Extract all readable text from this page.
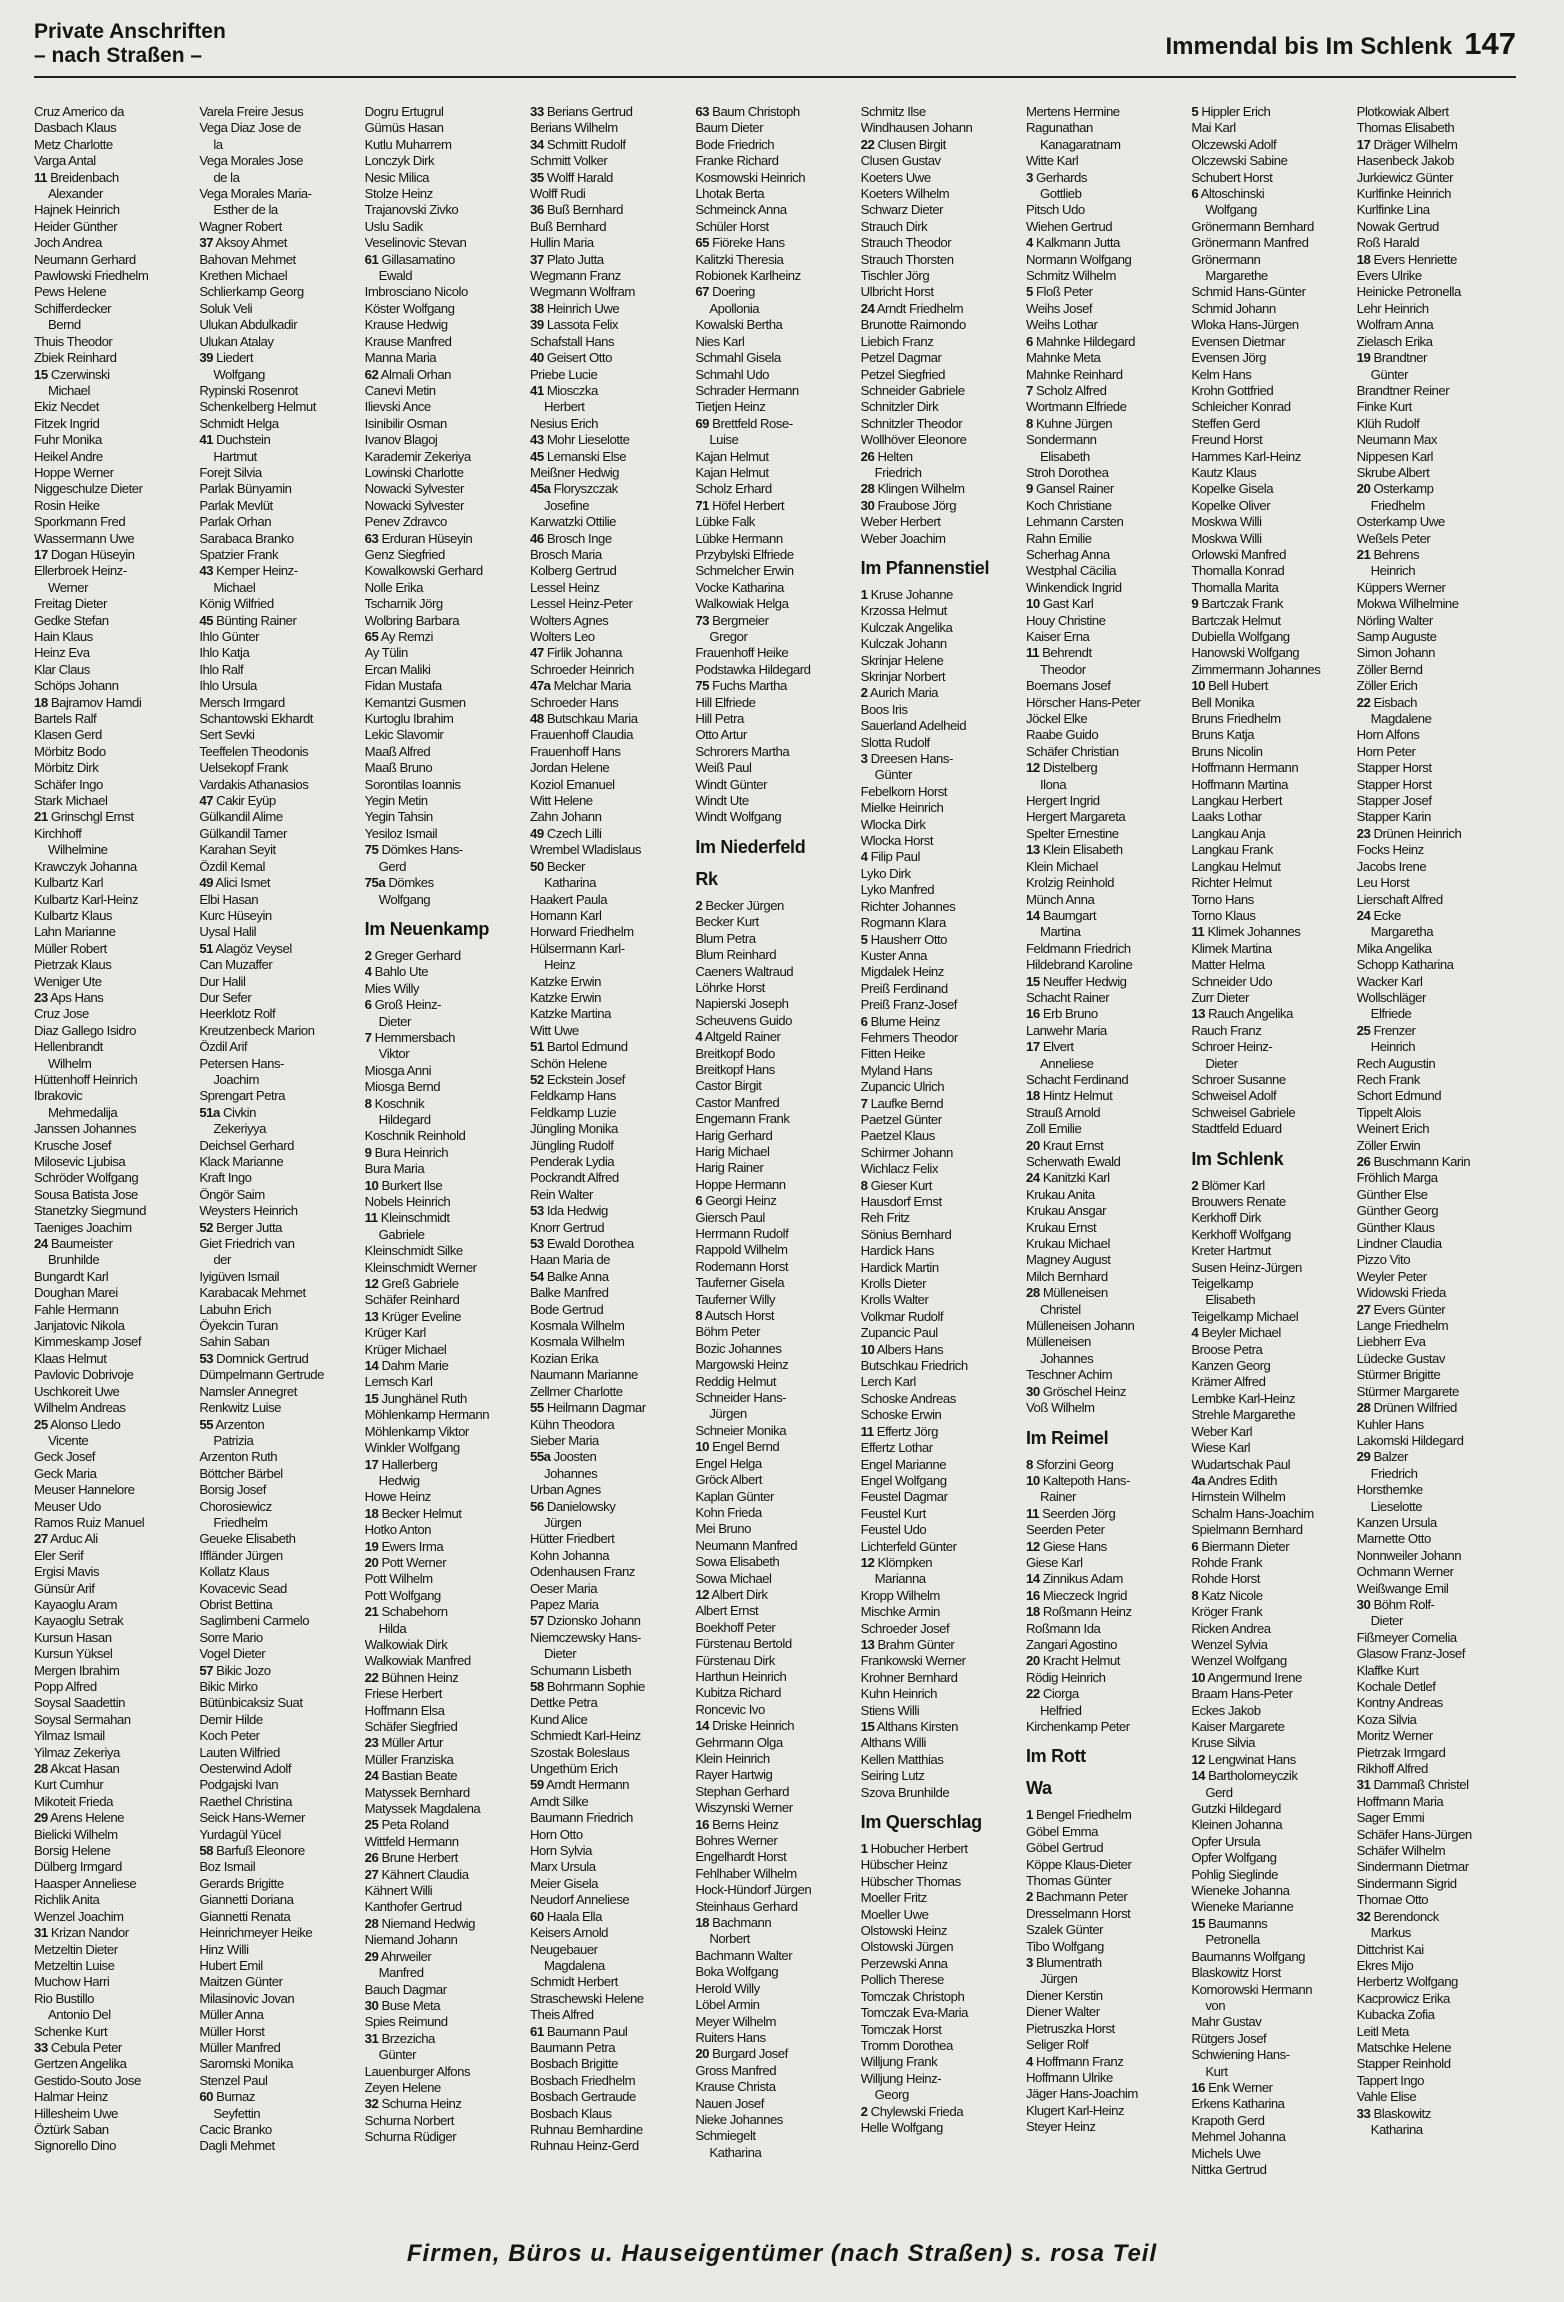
Private Anschriften
– nach Straßen –	Immendal bis Im Schlenk 147
Cruz Americo da
Dasbach Klaus
Metz Charlotte
Varga Antal
11 Breidenbach
Alexander
Hajnek Heinrich
Heider Günther
Joch Andrea
Neumann Gerhard
Pawlowski Friedhelm
Pews Helene
Schifferdecker
Bernd
Thuis Theodor
Zbiek Reinhard
15 Czerwinski
Michael
Ekiz Necdet
Fitzek Ingrid
Fuhr Monika
Heikel Andre
Hoppe Werner
Niggeschulze Dieter
Rosin Heike
Sporkmann Fred
Wassermann Uwe
17 Dogan Hüseyin
Ellerbroek Heinz-
Werner
Freitag Dieter
Gedke Stefan
Hain Klaus
Heinz Eva
Klar Claus
Schöps Johann
18 Bajramov Hamdi
Bartels Ralf
Klasen Gerd
Mörbitz Bodo
Mörbitz Dirk
Schäfer Ingo
Stark Michael
21 Grinschgl Ernst
Kirchhoff
Wilhelmine
Krawczyk Johanna
Kulbartz Karl
Kulbartz Karl-Heinz
Kulbartz Klaus
Lahn Marianne
Müller Robert
Pietrzak Klaus
Weniger Ute
23 Aps Hans
Cruz Jose
Diaz Gallego Isidro
Hellenbrandt
Wilhelm
Hüttenhoff Heinrich
Ibrakovic
Mehmedalija
Janssen Johannes
Krusche Josef
Milosevic Ljubisa
Schröder Wolfgang
Sousa Batista Jose
Stanetzky Siegmund
Taeniges Joachim
24 Baumeister
Brunhilde
Bungardt Karl
Doughan Marei
Fahle Hermann
Janjatovic Nikola
Kimmeskamp Josef
Klaas Helmut
Pavlovic Dobrivoje
Uschkoreit Uwe
Wilhelm Andreas
25 Alonso Lledo
Vicente
Geck Josef
Geck Maria
Meuser Hannelore
Meuser Udo
Ramos Ruiz Manuel
27 Arduc Ali
Eler Serif
Ergisi Mavis
Günsür Arif
Kayaoglu Aram
Kayaoglu Setrak
Kursun Hasan
Kursun Yüksel
Mergen Ibrahim
Popp Alfred
Soysal Saadettin
Soysal Sermahan
Yilmaz Ismail
Yilmaz Zekeriya
28 Akcat Hasan
Kurt Cumhur
Mikoteit Frieda
29 Arens Helene
Bielicki Wilhelm
Borsig Helene
Dülberg Irmgard
Haasper Anneliese
Richlik Anita
Wenzel Joachim
31 Krizan Nandor
Metzeltin Dieter
Metzeltin Luise
Muchow Harri
Rio Bustillo
Antonio Del
Schenke Kurt
33 Cebula Peter
Gertzen Angelika
Gestido-Souto Jose
Halmar Heinz
Hillesheim Uwe
Öztürk Saban
Signorello Dino
Varela Freire Jesus
Vega Diaz Jose de
la
Vega Morales Jose
de la
Vega Morales Maria-
Esther de la
Wagner Robert
37 Aksoy Ahmet
Bahovan Mehmet
Krethen Michael
Schlierkamp Georg
Soluk Veli
Ulukan Abdulkadir
Ulukan Atalay
39 Liedert
Wolfgang
Rypinski Rosenrot
Schenkelberg Helmut
Schmidt Helga
41 Duchstein
Hartmut
Forejt Silvia
Parlak Bünyamin
Parlak Mevlüt
Parlak Orhan
Sarabaca Branko
Spatzier Frank
43 Kemper Heinz-
Michael
König Wilfried
45 Bünting Rainer
Ihlo Günter
Ihlo Katja
Ihlo Ralf
Ihlo Ursula
Mersch Irmgard
Schantowski Ekhardt
Sert Sevki
Teeffelen Theodonis
Uelsekopf Frank
Vardakis Athanasios
47 Cakir Eyüp
Gülkandil Alime
Gülkandil Tamer
Karahan Seyit
Özdil Kemal
49 Alici Ismet
Elbi Hasan
Kurc Hüseyin
Uysal Halil
51 Alagöz Veysel
Can Muzaffer
Dur Halil
Dur Sefer
Heerklotz Rolf
Kreutzenbeck Marion
Özdil Arif
Petersen Hans-
Joachim
Sprengart Petra
51a Civkin
Zekeriyya
Deichsel Gerhard
Klack Marianne
Kraft Ingo
Öngör Saim
Weysters Heinrich
52 Berger Jutta
Giet Friedrich van
der
Iyigüven Ismail
Karabacak Mehmet
Labuhn Erich
Öyekcin Turan
Sahin Saban
53 Domnick Gertrud
Dümpelmann Gertrude
Namsler Annegret
Renkwitz Luise
55 Arzenton
Patrizia
Arzenton Ruth
Böttcher Bärbel
Borsig Josef
Chorosiewicz
Friedhelm
Geueke Elisabeth
Iffländer Jürgen
Kollatz Klaus
Kovacevic Sead
Obrist Bettina
Saglimbeni Carmelo
Sorre Mario
Vogel Dieter
57 Bikic Jozo
Bikic Mirko
Bütünbicaksiz Suat
Demir Hilde
Koch Peter
Lauten Wilfried
Oesterwind Adolf
Podgajski Ivan
Raethel Christina
Seick Hans-Werner
Yurdagül Yücel
58 Barfuß Eleonore
Boz Ismail
Gerards Brigitte
Giannetti Doriana
Giannetti Renata
Heinrichmeyer Heike
Hinz Willi
Hubert Emil
Maitzen Günter
Milasinovic Jovan
Müller Anna
Müller Horst
Müller Manfred
Saromski Monika
Stenzel Paul
60 Burnaz
Seyfettin
Cacic Branko
Dagli Mehmet
Dogru Ertugrul
Gümüs Hasan
Kutlu Muharrem
Lonczyk Dirk
Nesic Milica
Stolze Heinz
Trajanovski Zivko
Uslu Sadik
Veselinovic Stevan
61 Gillasamatino
Ewald
Imbrosciano Nicolo
Köster Wolfgang
Krause Hedwig
Krause Manfred
Manna Maria
62 Almali Orhan
Canevi Metin
Ilievski Ance
Isinibilir Osman
Ivanov Blagoj
Karademir Zekeriya
Lowinski Charlotte
Nowacki Sylvester
Nowacki Sylvester
Penev Zdravco
63 Erduran Hüseyin
Genz Siegfried
Kowalkowski Gerhard
Nolle Erika
Tscharnik Jörg
Wolbring Barbara
65 Ay Remzi
Ay Tülin
Ercan Maliki
Fidan Mustafa
Kemantzi Gusmen
Kurtoglu Ibrahim
Lekic Slavomir
Maaß Alfred
Maaß Bruno
Sorontilas Ioannis
Yegin Metin
Yegin Tahsin
Yesiloz Ismail
75 Dömkes Hans-
Gerd
75a Dömkes
Wolfgang
Im Neuenkamp
2 Greger Gerhard
4 Bahlo Ute
Mies Willy
6 Groß Heinz-
Dieter
7 Hemmersbach
Viktor
Miosga Anni
Miosga Bernd
8 Koschnik
Hildegard
Koschnik Reinhold
9 Bura Heinrich
Bura Maria
10 Burkert Ilse
Nobels Heinrich
11 Kleinschmidt
Gabriele
Kleinschmidt Silke
Kleinschmidt Werner
12 Greß Gabriele
Schäfer Reinhard
13 Krüger Eveline
Krüger Karl
Krüger Michael
14 Dahm Marie
Lemsch Karl
15 Junghänel Ruth
Möhlenkamp Hermann
Möhlenkamp Viktor
Winkler Wolfgang
17 Hallerberg
Hedwig
Howe Heinz
18 Becker Helmut
Hotko Anton
19 Ewers Irma
20 Pott Werner
Pott Wilhelm
Pott Wolfgang
21 Schabehorn
Hilda
Walkowiak Dirk
Walkowiak Manfred
22 Bühnen Heinz
Friese Herbert
Hoffmann Elsa
Schäfer Siegfried
23 Müller Artur
Müller Franziska
24 Bastian Beate
Matyssek Bernhard
Matyssek Magdalena
25 Peta Roland
Wittfeld Hermann
26 Brune Herbert
27 Kähnert Claudia
Kähnert Willi
Kanthofer Gertrud
28 Niemand Hedwig
Niemand Johann
29 Ahrweiler
Manfred
Bauch Dagmar
30 Buse Meta
Spies Reimund
31 Brzezicha
Günter
Lauenburger Alfons
Zeyen Helene
32 Schurna Heinz
Schurna Norbert
Schurna Rüdiger
33 Berians Gertrud
Berians Wilhelm
34 Schmitt Rudolf
Schmitt Volker
35 Wolff Harald
Wolff Rudi
36 Buß Bernhard
Buß Bernhard
Hullin Maria
37 Plato Jutta
Wegmann Franz
Wegmann Wolfram
38 Heinrich Uwe
39 Lassota Felix
Schafstall Hans
40 Geisert Otto
Priebe Lucie
41 Miosczka
Herbert
Nesius Erich
43 Mohr Lieselotte
45 Lemanski Else
Meißner Hedwig
45a Floryszczak
Josefine
Karwatzki Ottilie
46 Brosch Inge
Brosch Maria
Kolberg Gertrud
Lessel Heinz
Lessel Heinz-Peter
Wolters Agnes
Wolters Leo
47 Firlik Johanna
Schroeder Heinrich
47a Melchar Maria
Schroeder Hans
48 Butschkau Maria
Frauenhoff Claudia
Frauenhoff Hans
Jordan Helene
Koziol Emanuel
Witt Helene
Zahn Johann
49 Czech Lilli
Wrembel Wladislaus
50 Becker
Katharina
Haakert Paula
Homann Karl
Horward Friedhelm
Hülsermann Karl-
Heinz
Katzke Erwin
Katzke Erwin
Katzke Martina
Witt Uwe
51 Bartol Edmund
Schön Helene
52 Eckstein Josef
Feldkamp Hans
Feldkamp Luzie
Jüngling Monika
Jüngling Rudolf
Penderak Lydia
Pockrandt Alfred
Rein Walter
53 Ida Hedwig
Knorr Gertrud
53 Ewald Dorothea
Haan Maria de
54 Balke Anna
Balke Manfred
Bode Gertrud
Kosmala Wilhelm
Kosmala Wilhelm
Kozian Erika
Naumann Marianne
Zellmer Charlotte
55 Heilmann Dagmar
Kühn Theodora
Sieber Maria
55a Joosten
Johannes
Urban Agnes
56 Danielowsky
Jürgen
Hütter Friedbert
Kohn Johanna
Odenhausen Franz
Oeser Maria
Papez Maria
57 Dzionsko Johann
Niemczewsky Hans-
Dieter
Schumann Lisbeth
58 Bohrmann Sophie
Dettke Petra
Kund Alice
Schmiedt Karl-Heinz
Szostak Boleslaus
Ungethüm Erich
59 Arndt Hermann
Arndt Silke
Baumann Friedrich
Horn Otto
Horn Sylvia
Marx Ursula
Meier Gisela
Neudorf Anneliese
60 Haala Ella
Keisers Arnold
Neugebauer
Magdalena
Schmidt Herbert
Straschewski Helene
Theis Alfred
61 Baumann Paul
Baumann Petra
Bosbach Brigitte
Bosbach Friedhelm
Bosbach Gertraude
Bosbach Klaus
Ruhnau Bernhardine
Ruhnau Heinz-Gerd
63 Baum Christoph
Baum Dieter
Bode Friedrich
Franke Richard
Kosmowski Heinrich
Lhotak Berta
Schmeinck Anna
Schüler Horst
65 Fiöreke Hans
Kalitzki Theresia
Robionek Karlheinz
67 Doering
Apollonia
Kowalski Bertha
Nies Karl
Schmahl Gisela
Schmahl Udo
Schrader Hermann
Tietjen Heinz
69 Brettfeld Rose-
Luise
Kajan Helmut
Kajan Helmut
Scholz Erhard
71 Höfel Herbert
Lübke Falk
Lübke Hermann
Przybylski Elfriede
Schmelcher Erwin
Vocke Katharina
Walkowiak Helga
73 Bergmeier
Gregor
Frauenhoff Heike
Podstawka Hildegard
75 Fuchs Martha
Hill Elfriede
Hill Petra
Otto Artur
Schrorers Martha
Weiß Paul
Windt Günter
Windt Ute
Windt Wolfgang
Im Niederfeld
Rk
2 Becker Jürgen
Becker Kurt
Blum Petra
Blum Reinhard
Caeners Waltraud
Löhrke Horst
Napierski Joseph
Scheuvens Guido
4 Altgeld Rainer
Breitkopf Bodo
Breitkopf Hans
Castor Birgit
Castor Manfred
Engemann Frank
Harig Gerhard
Harig Michael
Harig Rainer
Hoppe Hermann
6 Georgi Heinz
Giersch Paul
Herrmann Rudolf
Rappold Wilhelm
Rodemann Horst
Tauferner Gisela
Tauferner Willy
8 Autsch Horst
Böhm Peter
Bozic Johannes
Margowski Heinz
Reddig Helmut
Schneider Hans-
Jürgen
Schneier Monika
10 Engel Bernd
Engel Helga
Gröck Albert
Kaplan Günter
Kohn Frieda
Mei Bruno
Neumann Manfred
Sowa Elisabeth
Sowa Michael
12 Albert Dirk
Albert Ernst
Boekhoff Peter
Fürstenau Bertold
Fürstenau Dirk
Harthun Heinrich
Kubitza Richard
Roncevic Ivo
14 Driske Heinrich
Gehrmann Olga
Klein Heinrich
Rayer Hartwig
Stephan Gerhard
Wiszynski Werner
16 Berns Heinz
Bohres Werner
Engelhardt Horst
Fehlhaber Wilhelm
Hock-Hündorf Jürgen
Steinhaus Gerhard
18 Bachmann
Norbert
Bachmann Walter
Boka Wolfgang
Herold Willy
Löbel Armin
Meyer Wilhelm
Ruiters Hans
20 Burgard Josef
Gross Manfred
Krause Christa
Nauen Josef
Nieke Johannes
Schmiegelt
Katharina
Schmitz Ilse
Windhausen Johann
22 Clusen Birgit
Clusen Gustav
Koeters Uwe
Koeters Wilhelm
Schwarz Dieter
Strauch Dirk
Strauch Theodor
Strauch Thorsten
Tischler Jörg
Ulbricht Horst
24 Arndt Friedhelm
Brunotte Raimondo
Liebich Franz
Petzel Dagmar
Petzel Siegfried
Schneider Gabriele
Schnitzler Dirk
Schnitzler Theodor
Wollhöver Eleonore
26 Helten
Friedrich
28 Klingen Wilhelm
30 Fraubose Jörg
Weber Herbert
Weber Joachim
Im Pfannenstiel
1 Kruse Johanne
Krzossa Helmut
Kulczak Angelika
Kulczak Johann
Skrinjar Helene
Skrinjar Norbert
2 Aurich Maria
Boos Iris
Sauerland Adelheid
Slotta Rudolf
3 Dreesen Hans-
Günter
Febelkorn Horst
Mielke Heinrich
Wlocka Dirk
Wlocka Horst
4 Filip Paul
Lyko Dirk
Lyko Manfred
Richter Johannes
Rogmann Klara
5 Hausherr Otto
Kuster Anna
Migdalek Heinz
Preiß Ferdinand
Preiß Franz-Josef
6 Blume Heinz
Fehmers Theodor
Fitten Heike
Myland Hans
Zupancic Ulrich
7 Laufke Bernd
Paetzel Günter
Paetzel Klaus
Schirmer Johann
Wichlacz Felix
8 Gieser Kurt
Hausdorf Ernst
Reh Fritz
Sönius Bernhard
Hardick Hans
Hardick Martin
Krolls Dieter
Krolls Walter
Volkmar Rudolf
Zupancic Paul
10 Albers Hans
Butschkau Friedrich
Lerch Karl
Schoske Andreas
Schoske Erwin
11 Effertz Jörg
Effertz Lothar
Engel Marianne
Engel Wolfgang
Feustel Dagmar
Feustel Kurt
Feustel Udo
Lichterfeld Günter
12 Klömpken
Marianna
Kropp Wilhelm
Mischke Armin
Schroeder Josef
13 Brahm Günter
Frankowski Werner
Krohner Bernhard
Kuhn Heinrich
Stiens Willi
15 Althans Kirsten
Althans Willi
Kellen Matthias
Seiring Lutz
Szova Brunhilde
Im Querschlag
1 Hobucher Herbert
Hübscher Heinz
Hübscher Thomas
Moeller Fritz
Moeller Uwe
Olstowski Heinz
Olstowski Jürgen
Perzewski Anna
Pollich Therese
Tomczak Christoph
Tomczak Eva-Maria
Tomczak Horst
Tromm Dorothea
Willjung Frank
Willjung Heinz-
Georg
2 Chylewski Frieda
Helle Wolfgang
Mertens Hermine
Ragunathan
Kanagaratnam
Witte Karl
3 Gerhards
Gottlieb
Pitsch Udo
Wiehen Gertrud
4 Kalkmann Jutta
Normann Wolfgang
Schmitz Wilhelm
5 Floß Peter
Weihs Josef
Weihs Lothar
6 Mahnke Hildegard
Mahnke Meta
Mahnke Reinhard
7 Scholz Alfred
Wortmann Elfriede
8 Kuhne Jürgen
Sondermann
Elisabeth
Stroh Dorothea
9 Gansel Rainer
Koch Christiane
Lehmann Carsten
Rahn Emilie
Scherhag Anna
Westphal Cäcilia
Winkendick Ingrid
10 Gast Karl
Houy Christine
Kaiser Erna
11 Behrendt
Theodor
Boemans Josef
Hörscher Hans-Peter
Jöckel Elke
Raabe Guido
Schäfer Christian
12 Distelberg
Ilona
Hergert Ingrid
Hergert Margareta
Spelter Ernestine
13 Klein Elisabeth
Klein Michael
Krolzig Reinhold
Münch Anna
14 Baumgart
Martina
Feldmann Friedrich
Hildebrand Karoline
15 Neuffer Hedwig
Schacht Rainer
16 Erb Bruno
Lanwehr Maria
17 Elvert
Anneliese
Schacht Ferdinand
18 Hintz Helmut
Strauß Arnold
Zoll Emilie
20 Kraut Ernst
Scherwath Ewald
24 Kanitzki Karl
Krukau Anita
Krukau Ansgar
Krukau Ernst
Krukau Michael
Magney August
Milch Bernhard
28 Mülleneisen
Christel
Mülleneisen Johann
Mülleneisen
Johannes
Teschner Achim
30 Gröschel Heinz
Voß Wilhelm
Im Reimel
8 Sforzini Georg
10 Kaltepoth Hans-
Rainer
11 Seerden Jörg
Seerden Peter
12 Giese Hans
Giese Karl
14 Zinnikus Adam
16 Mieczeck Ingrid
18 Roßmann Heinz
Roßmann Ida
Zangari Agostino
20 Kracht Helmut
Rödig Heinrich
22 Ciorga
Helfried
Kirchenkamp Peter
Im Rott
Wa
1 Bengel Friedhelm
Göbel Emma
Göbel Gertrud
Köppe Klaus-Dieter
Thomas Günter
2 Bachmann Peter
Dresselmann Horst
Szalek Günter
Tibo Wolfgang
3 Blumentrath
Jürgen
Diener Kerstin
Diener Walter
Pietruszka Horst
Seliger Rolf
4 Hoffmann Franz
Hoffmann Ulrike
Jäger Hans-Joachim
Klugert Karl-Heinz
Steyer Heinz
5 Hippler Erich
Mai Karl
Olczewski Adolf
Olczewski Sabine
Schubert Horst
6 Altoschinski
Wolfgang
Grönermann Bernhard
Grönermann Manfred
Grönermann
Margarethe
Schmid Hans-Günter
Schmid Johann
Wloka Hans-Jürgen
Evensen Dietmar
Evensen Jörg
Kelm Hans
Krohn Gottfried
Schleicher Konrad
Steffen Gerd
Freund Horst
Hammes Karl-Heinz
Kautz Klaus
Kopelke Gisela
Kopelke Oliver
Moskwa Willi
Moskwa Willi
Orlowski Manfred
Thomalla Konrad
Thomalla Marita
9 Bartczak Frank
Bartczak Helmut
Dubiella Wolfgang
Hanowski Wolfgang
Zimmermann Johannes
10 Bell Hubert
Bell Monika
Bruns Friedhelm
Bruns Katja
Bruns Nicolin
Hoffmann Hermann
Hoffmann Martina
Langkau Herbert
Laaks Lothar
Langkau Anja
Langkau Frank
Langkau Helmut
Richter Helmut
Torno Hans
Torno Klaus
11 Klimek Johannes
Klimek Martina
Matter Helma
Schneider Udo
Zurr Dieter
13 Rauch Angelika
Rauch Franz
Schroer Heinz-
Dieter
Schroer Susanne
Schweisel Adolf
Schweisel Gabriele
Stadtfeld Eduard
Im Schlenk
2 Blömer Karl
Brouwers Renate
Kerkhoff Dirk
Kerkhoff Wolfgang
Kreter Hartmut
Susen Heinz-Jürgen
Teigelkamp
Elisabeth
Teigelkamp Michael
4 Beyler Michael
Broose Petra
Kanzen Georg
Krämer Alfred
Lembke Karl-Heinz
Strehle Margarethe
Weber Karl
Wiese Karl
Wudartschak Paul
4a Andres Edith
Hirnstein Wilhelm
Schalm Hans-Joachim
Spielmann Bernhard
6 Biermann Dieter
Rohde Frank
Rohde Horst
8 Katz Nicole
Kröger Frank
Ricken Andrea
Wenzel Sylvia
Wenzel Wolfgang
10 Angermund Irene
Braam Hans-Peter
Eckes Jakob
Kaiser Margarete
Kruse Silvia
12 Lengwinat Hans
14 Bartholomeyczik
Gerd
Gutzki Hildegard
Kleinen Johanna
Opfer Ursula
Opfer Wolfgang
Pohlig Sieglinde
Wieneke Johanna
Wieneke Marianne
15 Baumanns
Petronella
Baumanns Wolfgang
Blaskowitz Horst
Komorowski Hermann
von
Mahr Gustav
Rütgers Josef
Schwiening Hans-
Kurt
16 Enk Werner
Erkens Katharina
Krapoth Gerd
Mehmel Johanna
Michels Uwe
Nittka Gertrud
Plotkowiak Albert
Thomas Elisabeth
17 Dräger Wilhelm
Hasenbeck Jakob
Jurkiewicz Günter
Kurlfinke Heinrich
Kurlfinke Lina
Nowak Gertrud
Roß Harald
18 Evers Henriette
Evers Ulrike
Heinicke Petronella
Lehr Heinrich
Wolfram Anna
Zielasch Erika
19 Brandtner
Günter
Brandtner Reiner
Finke Kurt
Klüh Rudolf
Neumann Max
Nippesen Karl
Skrube Albert
20 Osterkamp
Friedhelm
Osterkamp Uwe
Weßels Peter
21 Behrens
Heinrich
Küppers Werner
Mokwa Wilhelmine
Nörling Walter
Samp Auguste
Simon Johann
Zöller Bernd
Zöller Erich
22 Eisbach
Magdalene
Horn Alfons
Horn Peter
Stapper Horst
Stapper Horst
Stapper Josef
Stapper Karin
23 Drünen Heinrich
Focks Heinz
Jacobs Irene
Leu Horst
Lierschaft Alfred
24 Ecke
Margaretha
Mika Angelika
Schopp Katharina
Wacker Karl
Wollschläger
Elfriede
25 Frenzer
Heinrich
Rech Augustin
Rech Frank
Schort Edmund
Tippelt Alois
Weinert Erich
Zöller Erwin
26 Buschmann Karin
Fröhlich Marga
Günther Else
Günther Georg
Günther Klaus
Lindner Claudia
Pizzo Vito
Weyler Peter
Widowski Frieda
27 Evers Günter
Lange Friedhelm
Liebherr Eva
Lüdecke Gustav
Stürmer Brigitte
Stürmer Margarete
28 Drünen Wilfried
Kuhler Hans
Lakomski Hildegard
29 Balzer
Friedrich
Horsthemke
Lieselotte
Kanzen Ursula
Marnette Otto
Nonnweiler Johann
Ochmann Werner
Weißwange Emil
30 Böhm Rolf-
Dieter
Fißmeyer Cornelia
Glasow Franz-Josef
Klaffke Kurt
Kochale Detlef
Kontny Andreas
Koza Silvia
Moritz Werner
Pietrzak Irmgard
Rikhoff Alfred
31 Dammaß Christel
Hoffmann Maria
Sager Emmi
Schäfer Hans-Jürgen
Schäfer Wilhelm
Sindermann Dietmar
Sindermann Sigrid
Thomae Otto
32 Berendonck
Markus
Dittchrist Kai
Ekres Mijo
Herbertz Wolfgang
Kacprowicz Erika
Kubacka Zofia
Leitl Meta
Matschke Helene
Stapper Reinhold
Tappert Ingo
Vahle Elise
33 Blaskowitz
Katharina
Firmen, Büros u. Hauseigentümer (nach Straßen) s. rosa Teil
